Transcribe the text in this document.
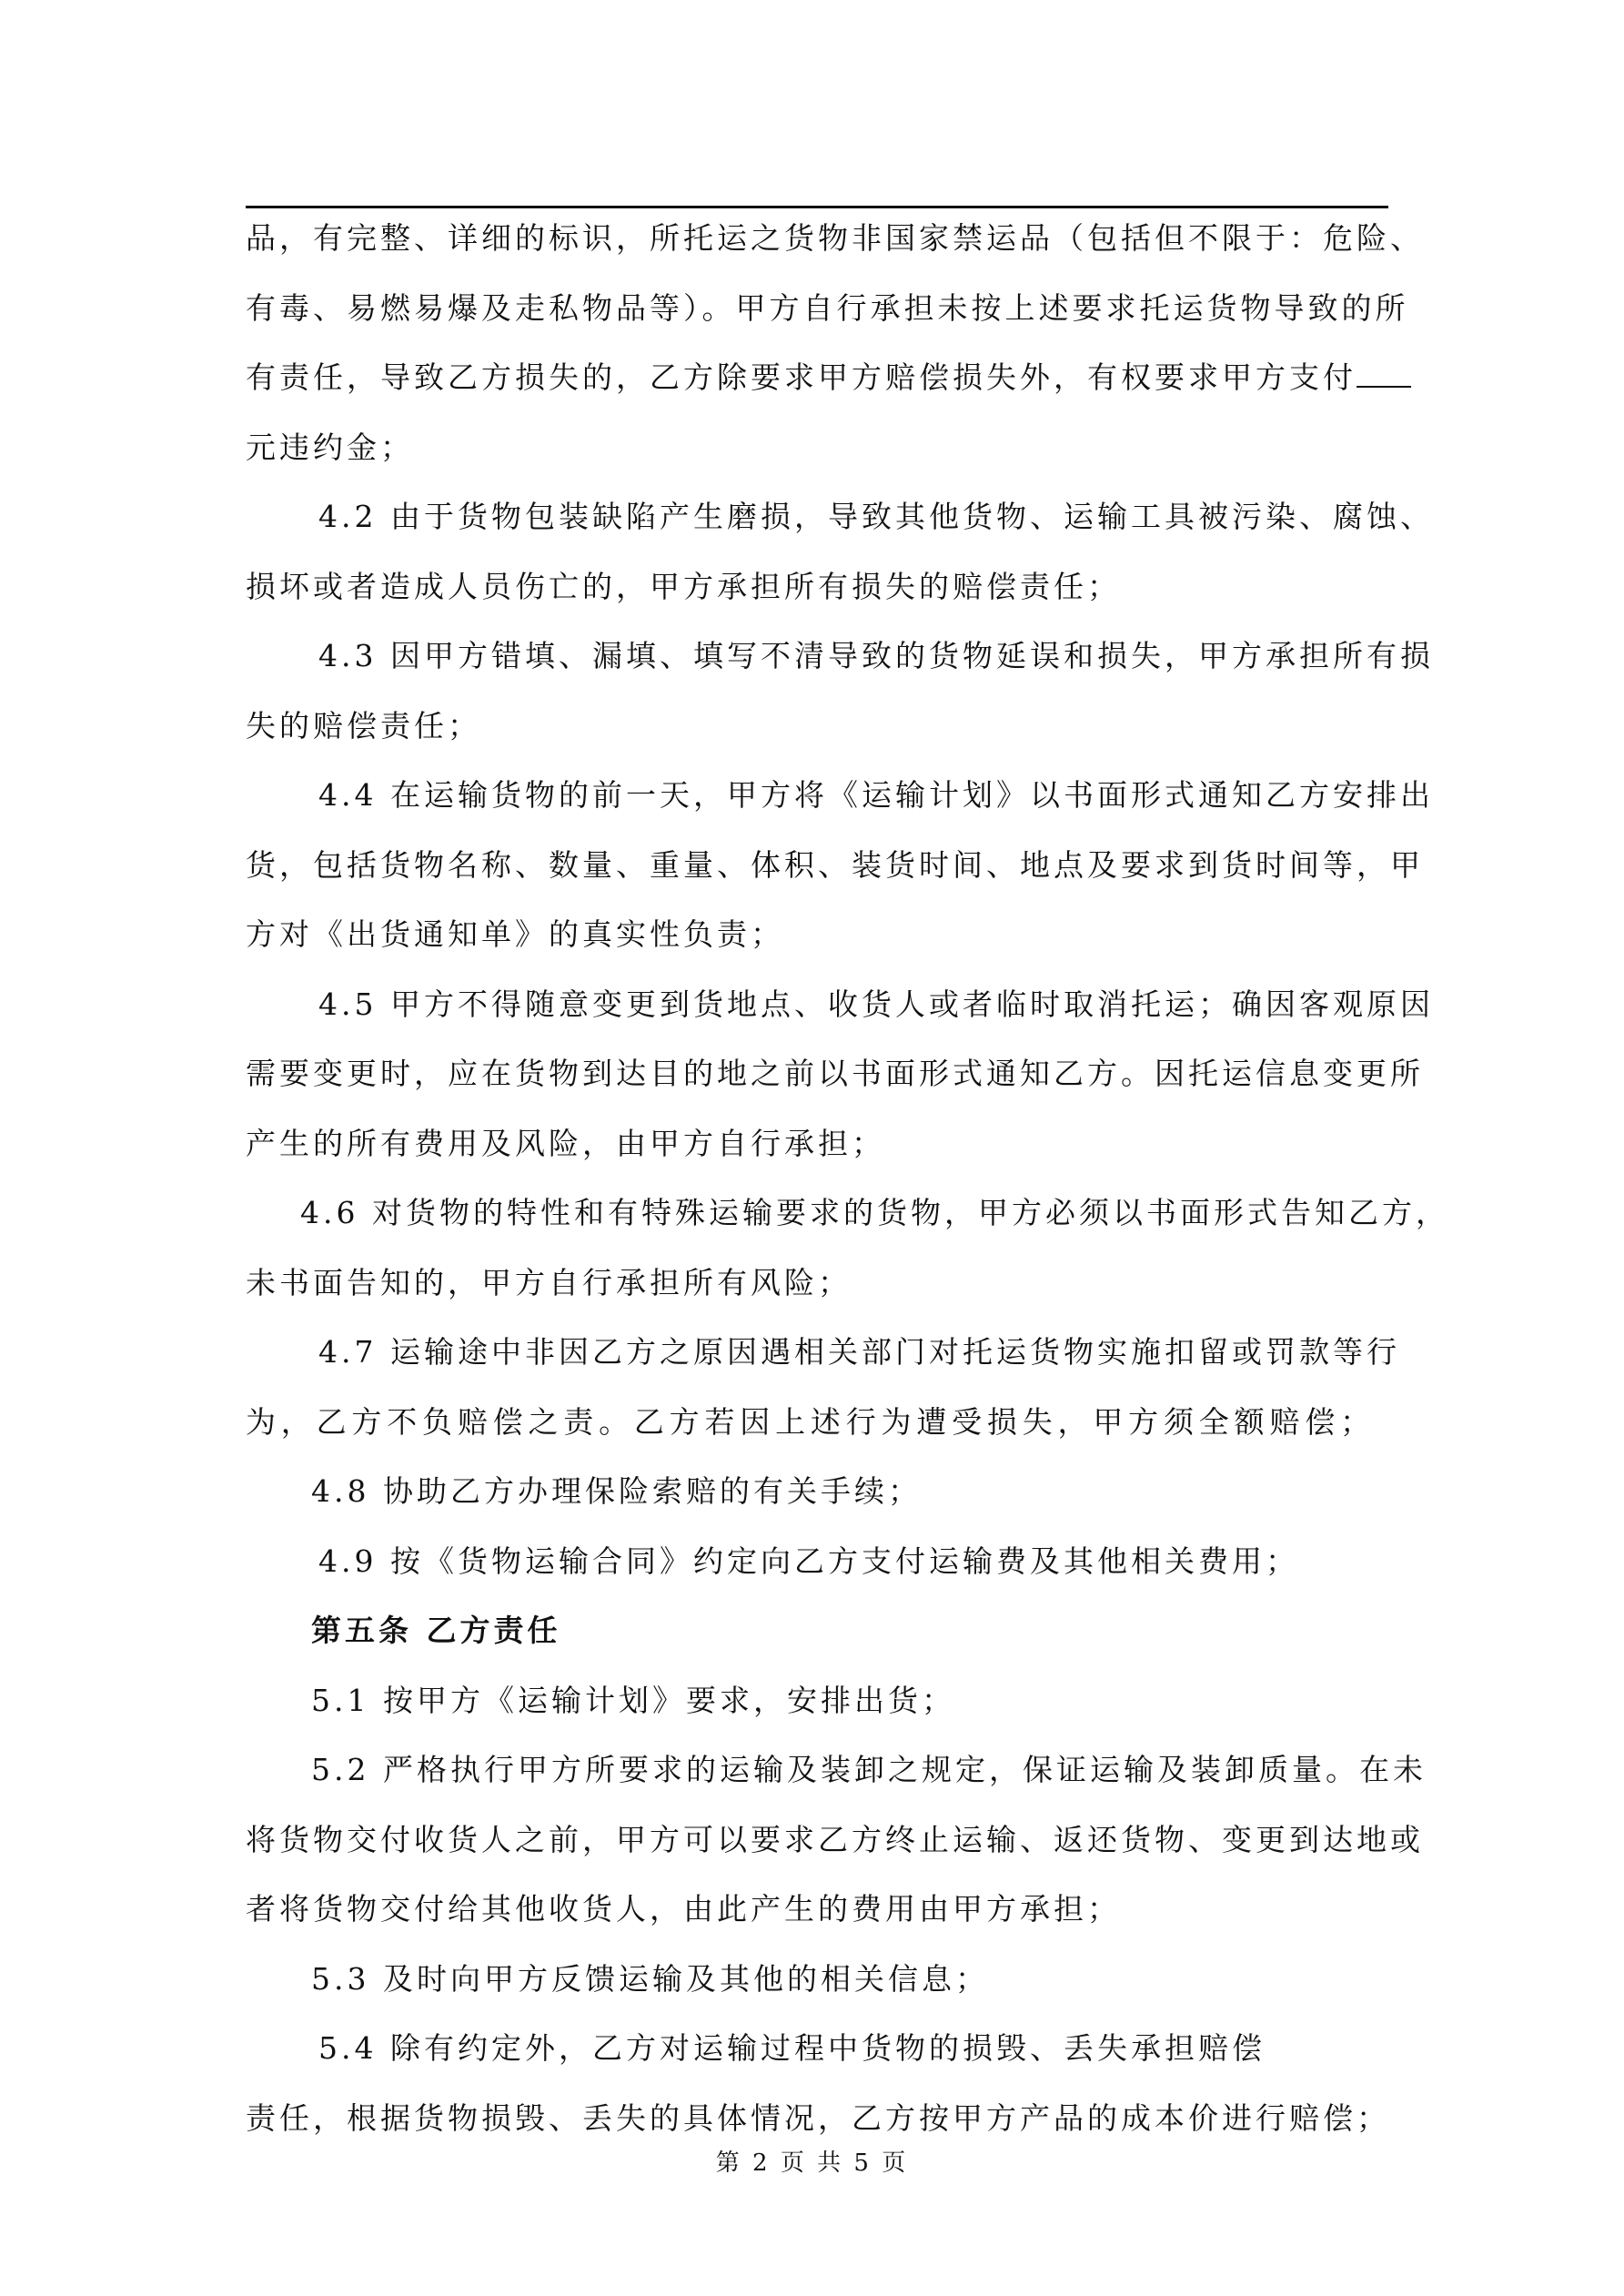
品，有完整、详细的标识，所托运之货物非国家禁运品（包括但不限于：危险、
有毒、易燃易爆及走私物品等）。甲方自行承担未按上述要求托运货物导致的所
有责任，导致乙方损失的，乙方除要求甲方赔偿损失外，有权要求甲方支付
元违约金；
4.2 由于货物包装缺陷产生磨损，导致其他货物、运输工具被污染、腐蚀、
损坏或者造成人员伤亡的，甲方承担所有损失的赔偿责任；
4.3 因甲方错填、漏填、填写不清导致的货物延误和损失，甲方承担所有损
失的赔偿责任；
4.4 在运输货物的前一天，甲方将《运输计划》以书面形式通知乙方安排出
货，包括货物名称、数量、重量、体积、装货时间、地点及要求到货时间等，甲
方对《出货通知单》的真实性负责；
4.5 甲方不得随意变更到货地点、收货人或者临时取消托运；确因客观原因
需要变更时，应在货物到达目的地之前以书面形式通知乙方。因托运信息变更所
产生的所有费用及风险，由甲方自行承担；
4.6 对货物的特性和有特殊运输要求的货物，甲方必须以书面形式告知乙方，
未书面告知的，甲方自行承担所有风险；
4.7 运输途中非因乙方之原因遇相关部门对托运货物实施扣留或罚款等行
为，乙方不负赔偿之责。乙方若因上述行为遭受损失，甲方须全额赔偿；
4.8 协助乙方办理保险索赔的有关手续；
4.9 按《货物运输合同》约定向乙方支付运输费及其他相关费用；
第五条 乙方责任
5.1 按甲方《运输计划》要求，安排出货；
5.2 严格执行甲方所要求的运输及装卸之规定，保证运输及装卸质量。在未
将货物交付收货人之前，甲方可以要求乙方终止运输、返还货物、变更到达地或
者将货物交付给其他收货人，由此产生的费用由甲方承担；
5.3 及时向甲方反馈运输及其他的相关信息；
5.4 除有约定外，乙方对运输过程中货物的损毁、丢失承担赔偿
责任，根据货物损毁、丢失的具体情况，乙方按甲方产品的成本价进行赔偿；
第 2 页 共 5 页
